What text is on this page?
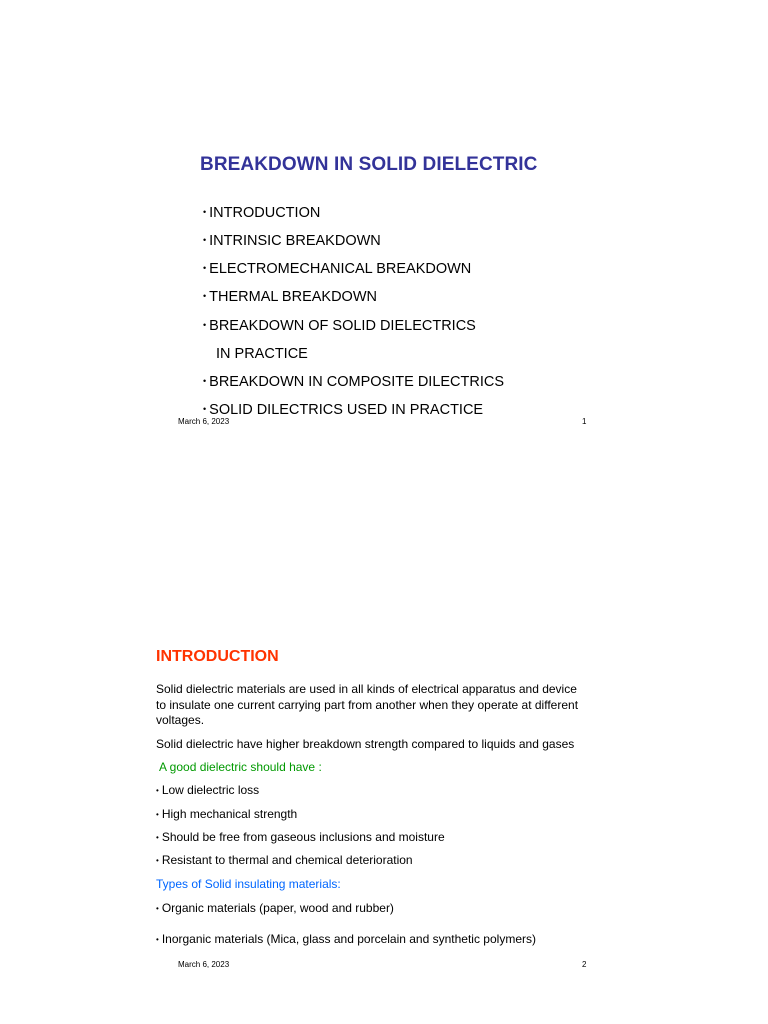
BREAKDOWN IN SOLID DIELECTRIC
• INTRODUCTION
• INTRINSIC BREAKDOWN
• ELECTROMECHANICAL BREAKDOWN
• THERMAL BREAKDOWN
• BREAKDOWN OF SOLID DIELECTRICS
IN PRACTICE
• BREAKDOWN IN COMPOSITE DILECTRICS
• SOLID DILECTRICS USED IN PRACTICE
March 6, 2023	1
INTRODUCTION
Solid dielectric materials are used in all kinds of electrical apparatus and device
to insulate one current carrying part from another when they operate at different
voltages.
Solid dielectric have higher breakdown strength compared to liquids and gases
A good dielectric should have :
• Low dielectric loss
• High mechanical strength
• Should be free from gaseous inclusions and moisture
• Resistant to thermal and chemical deterioration
Types of Solid insulating materials:
• Organic materials (paper, wood and rubber)
• Inorganic materials (Mica, glass and porcelain and synthetic polymers)
March 6, 2023	2
